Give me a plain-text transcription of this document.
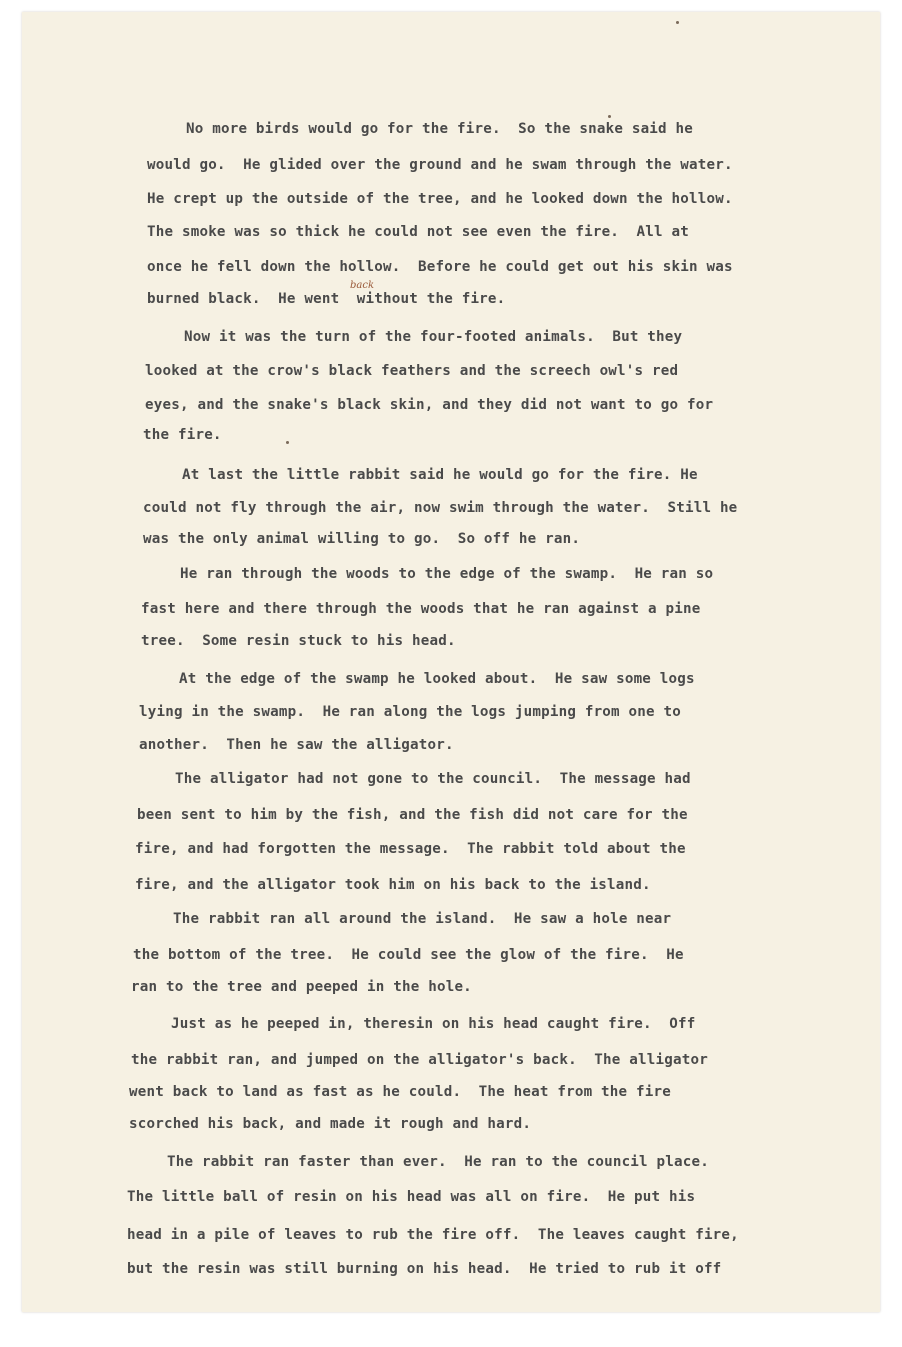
No more birds would go for the fire.  So the snake said he
would go.  He glided over the ground and he swam through the water.
He crept up the outside of the tree, and he looked down the hollow.
The smoke was so thick he could not see even the fire.  All at
once he fell down the hollow.  Before he could get out his skin was
burned black.  He went  without the fire.
back
Now it was the turn of the four-footed animals.  But they
looked at the crow's black feathers and the screech owl's red
eyes, and the snake's black skin, and they did not want to go for
the fire.
At last the little rabbit said he would go for the fire. He
could not fly through the air, now swim through the water.  Still he
was the only animal willing to go.  So off he ran.
He ran through the woods to the edge of the swamp.  He ran so
fast here and there through the woods that he ran against a pine
tree.  Some resin stuck to his head.
At the edge of the swamp he looked about.  He saw some logs
lying in the swamp.  He ran along the logs jumping from one to
another.  Then he saw the alligator.
The alligator had not gone to the council.  The message had
been sent to him by the fish, and the fish did not care for the
fire, and had forgotten the message.  The rabbit told about the
fire, and the alligator took him on his back to the island.
The rabbit ran all around the island.  He saw a hole near
the bottom of the tree.  He could see the glow of the fire.  He
ran to the tree and peeped in the hole.
Just as he peeped in, theresin on his head caught fire.  Off
the rabbit ran, and jumped on the alligator's back.  The alligator
went back to land as fast as he could.  The heat from the fire
scorched his back, and made it rough and hard.
The rabbit ran faster than ever.  He ran to the council place.
The little ball of resin on his head was all on fire.  He put his
head in a pile of leaves to rub the fire off.  The leaves caught fire,
but the resin was still burning on his head.  He tried to rub it off
